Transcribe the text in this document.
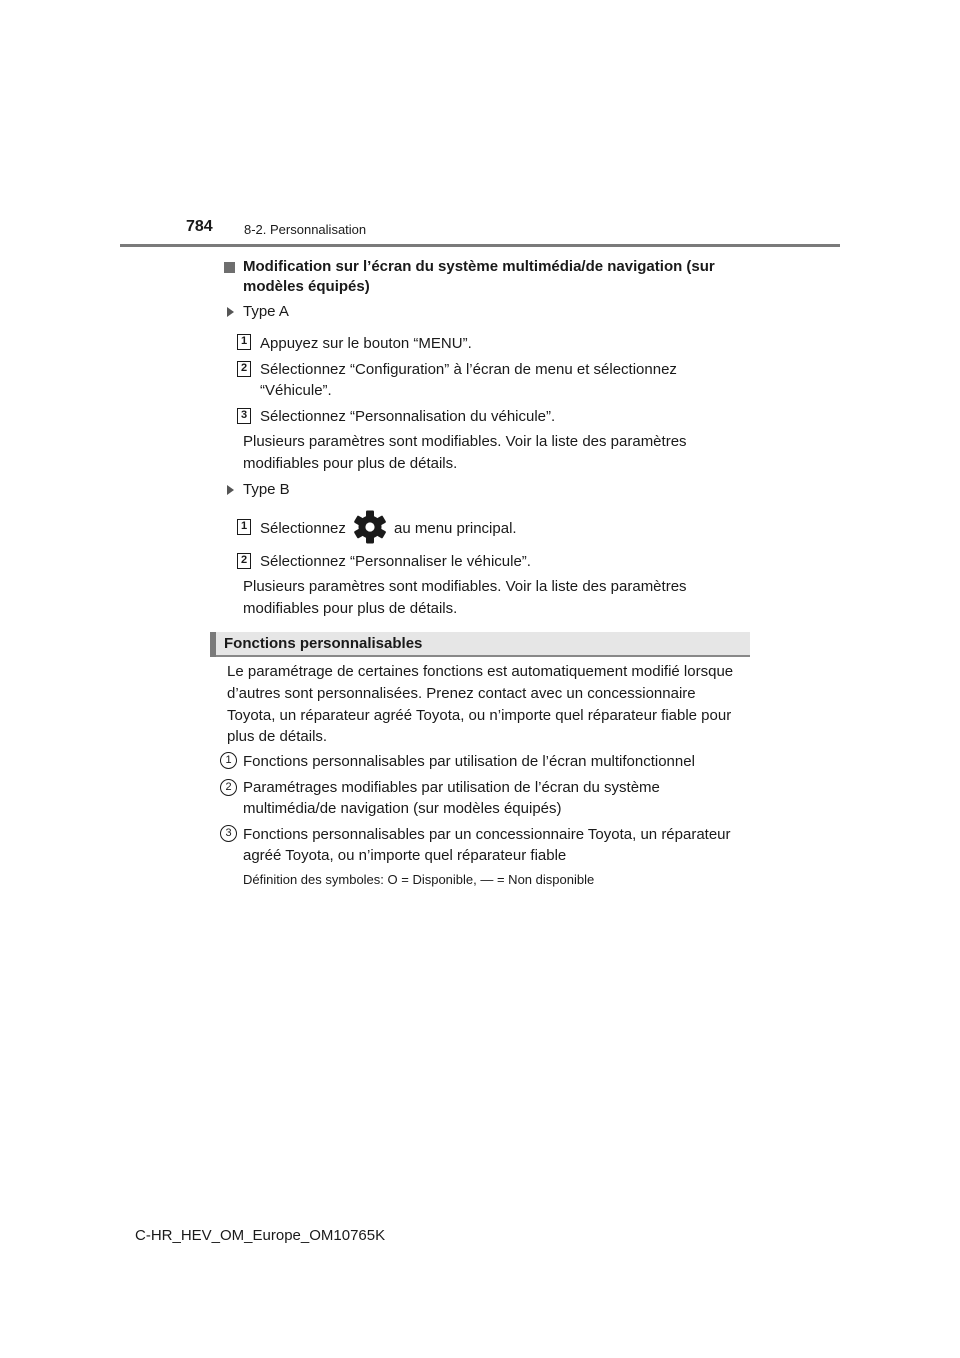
784 8-2. Personnalisation
Modification sur l’écran du système multimédia/de navigation (sur
modèles équipés)
Type A
1 Appuyez sur le bouton “MENU”.
2 Sélectionnez “Configuration” à l’écran de menu et sélectionnez
“Véhicule”.
3 Sélectionnez “Personnalisation du véhicule”.
Plusieurs paramètres sont modifiables. Voir la liste des paramètres
modifiables pour plus de détails.
Type B
1 Sélectionnez	au menu principal.
2 Sélectionnez “Personnaliser le véhicule”.
Plusieurs paramètres sont modifiables. Voir la liste des paramètres
modifiables pour plus de détails.
Fonctions personnalisables
Le paramétrage de certaines fonctions est automatiquement modifié lorsque
d’autres sont personnalisées. Prenez contact avec un concessionnaire
Toyota, un réparateur agréé Toyota, ou n’importe quel réparateur fiable pour
plus de détails.
1 Fonctions personnalisables par utilisation de l’écran multifonctionnel
2 Paramétrages modifiables par utilisation de l’écran du système
multimédia/de navigation (sur modèles équipés)
3 Fonctions personnalisables par un concessionnaire Toyota, un réparateur
agréé Toyota, ou n’importe quel réparateur fiable
Définition des symboles: O = Disponible, — = Non disponible
C-HR_HEV_OM_Europe_OM10765K
